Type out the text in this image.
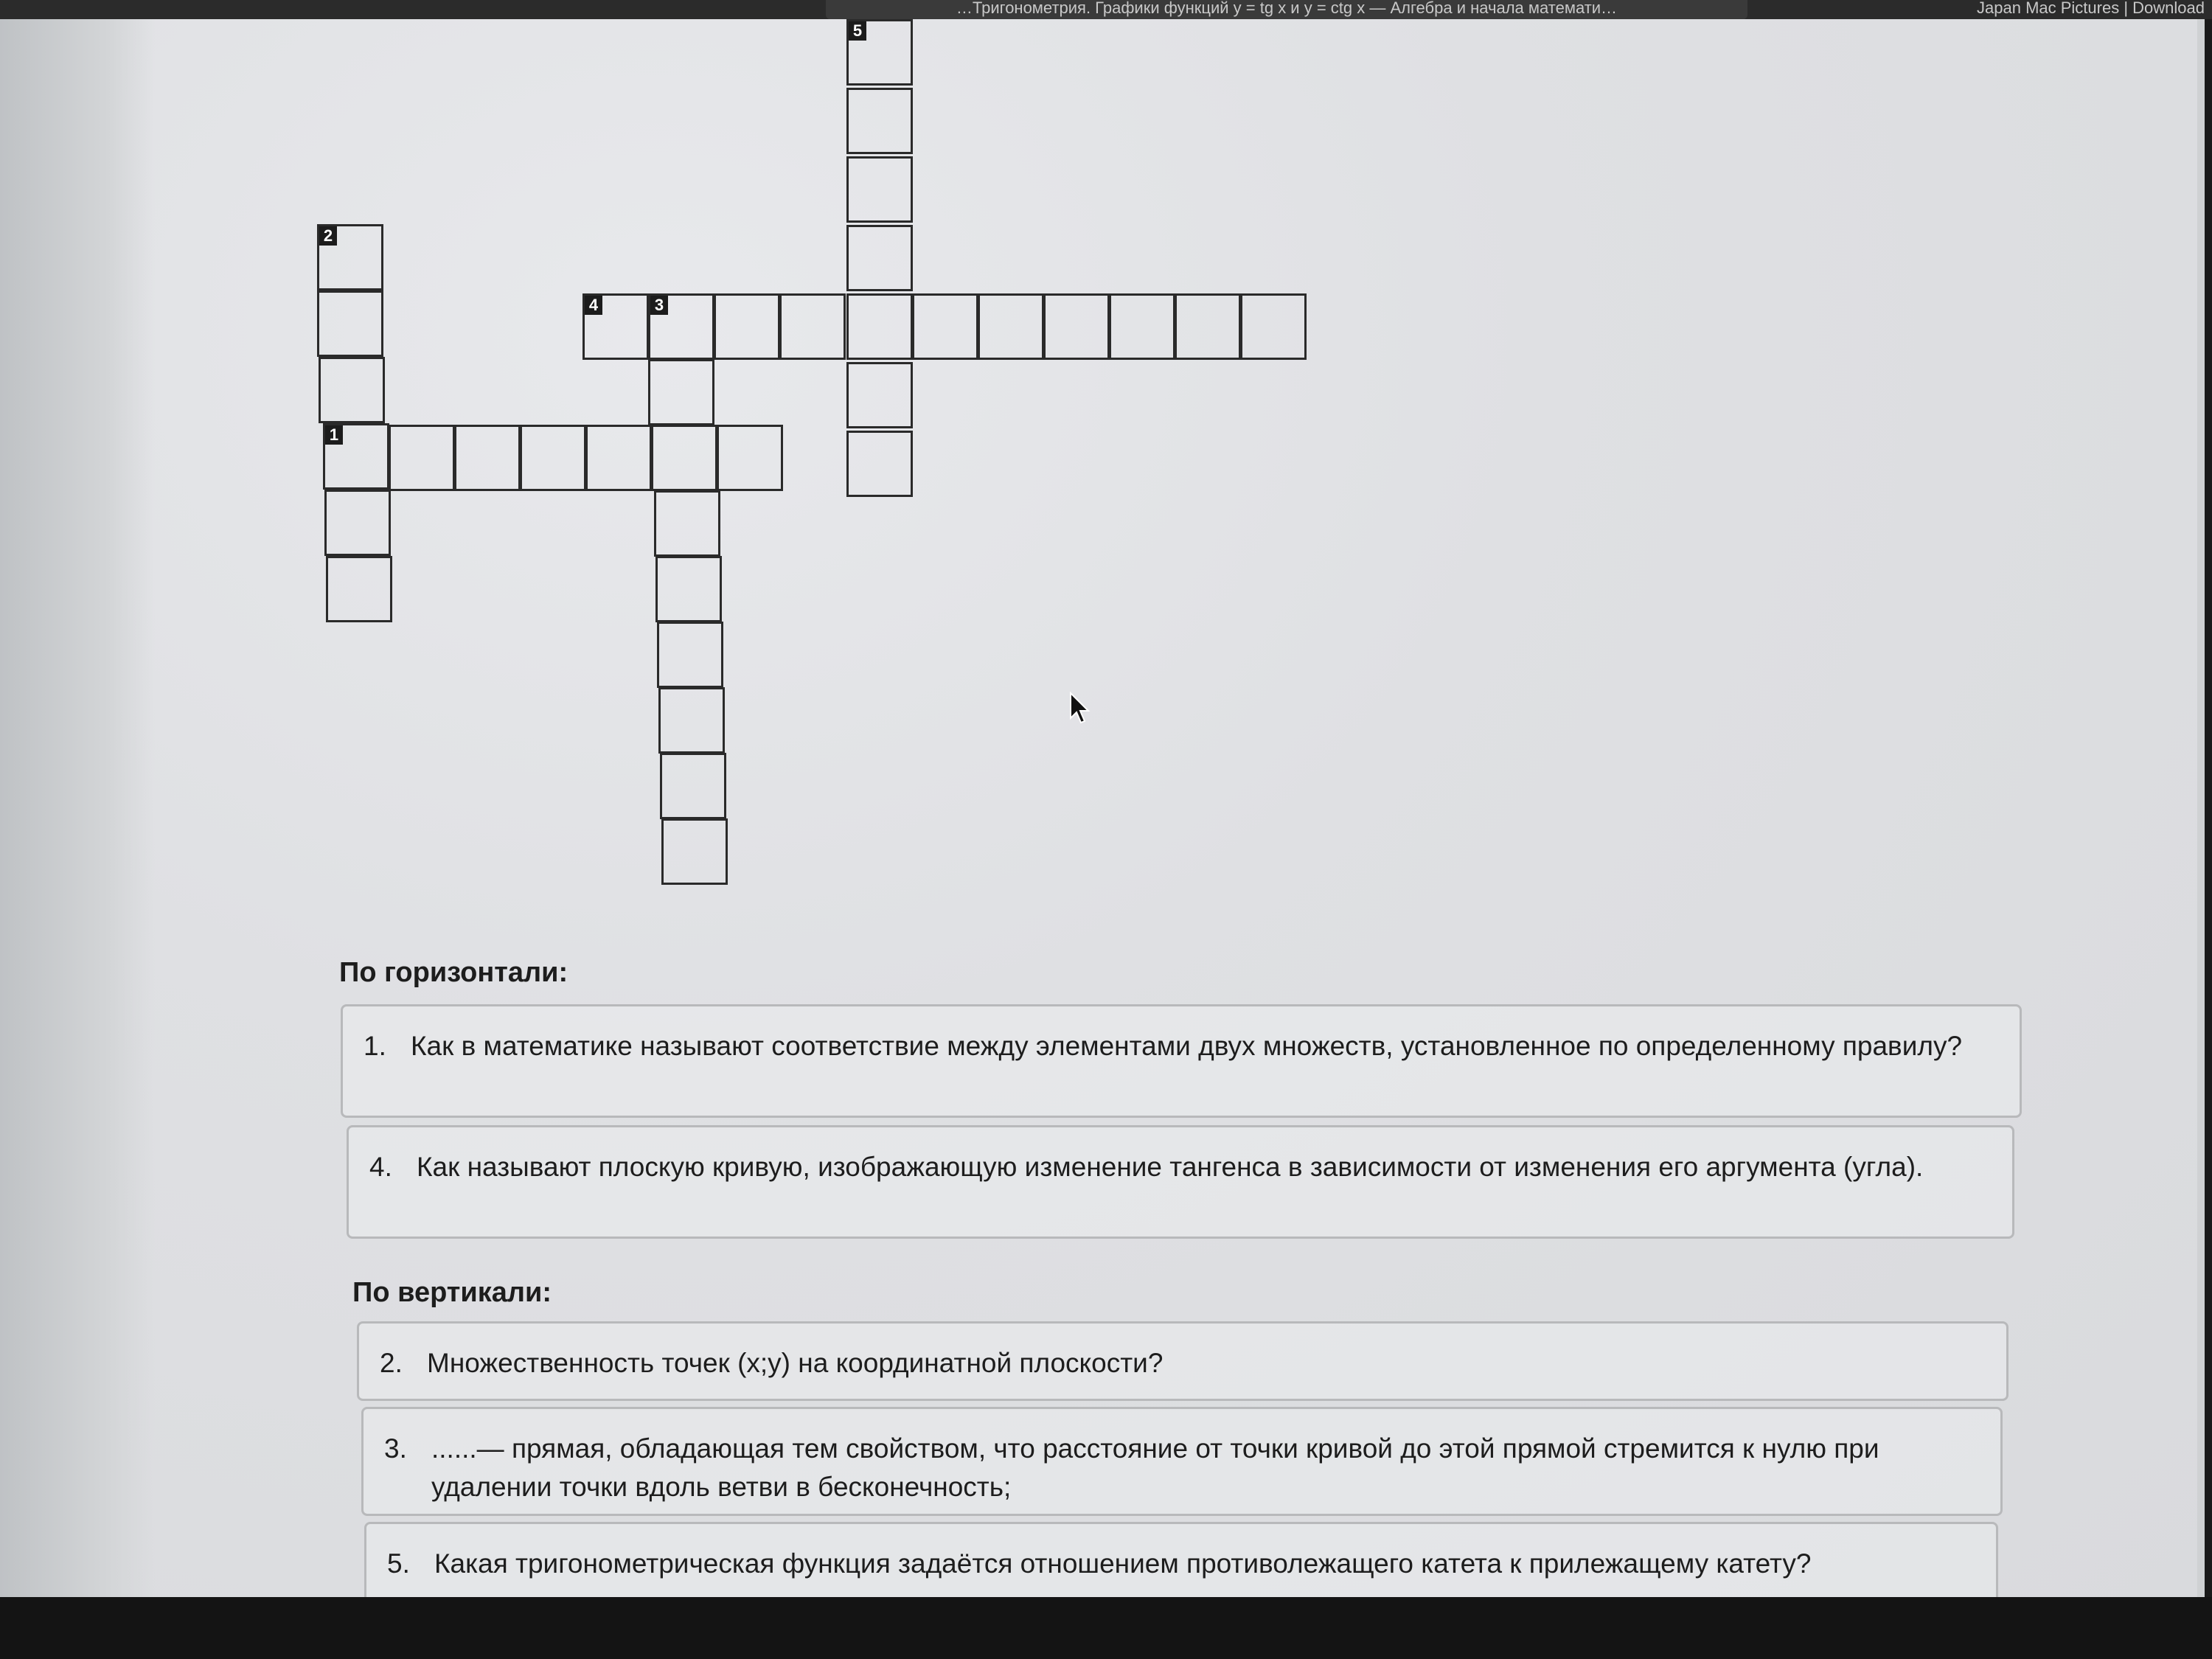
…Тригонометрия. Графики функций y = tg x и y = ctg x — Алгебра и начала математи…	Japan Mac Pictures | Download
5
4	3
2
1
По горизонтали:
1. Как в математике называют соответствие между элементами двух множеств, установленное по определенному правилу?
4. Как называют плоскую кривую, изображающую изменение тангенса в зависимости от изменения его аргумента (угла).
По вертикали:
2. Множественность точек (x;y) на координатной плоскости?
3. ......— прямая, обладающая тем свойством, что расстояние от точки кривой до этой прямой стремится к нулю при удалении точки вдоль ветви в бесконечность;
5. Какая тригонометрическая функция задаётся отношением противолежащего катета к прилежащему катету?
